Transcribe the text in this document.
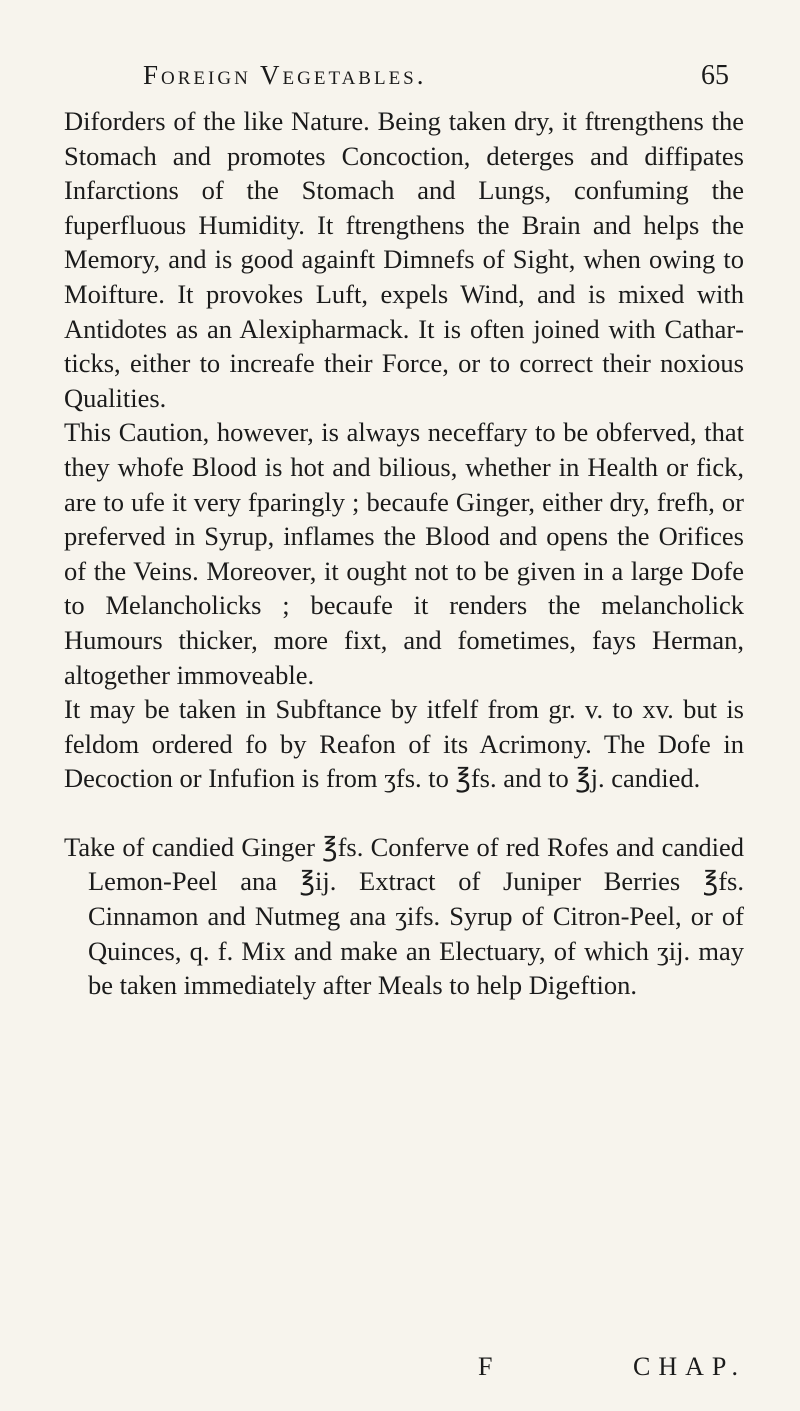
Foreign Vegetables.	65

Diforders of the like Nature. Being taken dry, it ftrengthens the Stomach and promotes Concoction, deterges and diffipates Infarctions of the Stomach and Lungs, confuming the fuperfluous Humidity. It ftrengthens the Brain and helps the Memory, and is good againft Dimnefs of Sight, when owing to Moifture. It provokes Luft, expels Wind, and is mixed with Antidotes as an Alexipharmack. It is often joined with Catharticks, either to increafe their Force, or to correct their noxious Qualities.

This Caution, however, is always neceffary to be obferved, that they whofe Blood is hot and bilious, whether in Health or fick, are to ufe it very fparingly ; becaufe Ginger, either dry, frefh, or preferved in Syrup, inflames the Blood and opens the Orifices of the Veins. Moreover, it ought not to be given in a large Dofe to Melancholicks ; becaufe it renders the melancholick Humours thicker, more fixt, and fometimes, fays Herman, altogether immoveable.

It may be taken in Subftance by itfelf from gr. v. to xv. but is feldom ordered fo by Reafon of its Acrimony. The Dofe in Decoction or Infufion is from ʒfs. to ℥fs. and to ℥j. candied.

Take of candied Ginger ℥fs. Conferve of red Rofes and candied Lemon-Peel ana ℥ij. Extract of Juniper Berries ℥fs. Cinnamon and Nutmeg ana ʒifs. Syrup of Citron-Peel, or of Quinces, q. f. Mix and make an Electuary, of which ʒij. may be taken immediately after Meals to help Digeftion.

F	CHAP.
